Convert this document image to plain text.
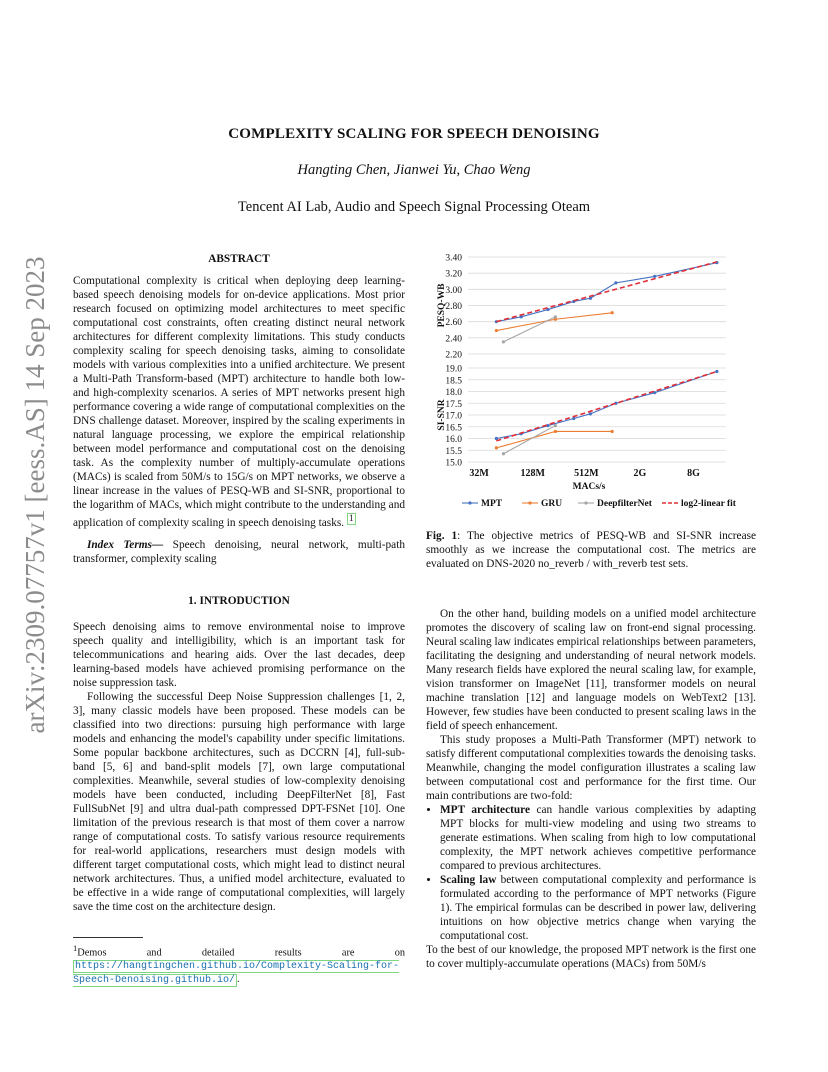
arXiv:2309.07757v1 [eess.AS] 14 Sep 2023
COMPLEXITY SCALING FOR SPEECH DENOISING
Hangting Chen, Jianwei Yu, Chao Weng
Tencent AI Lab, Audio and Speech Signal Processing Oteam
ABSTRACT

Computational complexity is critical when deploying deep learning-based speech denoising models for on-device applications. Most prior research focused on optimizing model architectures to meet specific computational cost constraints, often creating distinct neural network architectures for different complexity limitations. This study conducts complexity scaling for speech denoising tasks, aiming to consolidate models with various complexities into a unified architecture. We present a Multi-Path Transform-based (MPT) architecture to handle both low- and high-complexity scenarios. A series of MPT networks present high performance covering a wide range of computational complexities on the DNS challenge dataset. Moreover, inspired by the scaling experiments in natural language processing, we explore the empirical relationship between model performance and computational cost on the denoising task. As the complexity number of multiply-accumulate operations (MACs) is scaled from 50M/s to 15G/s on MPT networks, we observe a linear increase in the values of PESQ-WB and SI-SNR, proportional to the logarithm of MACs, which might contribute to the understanding and application of complexity scaling in speech denoising tasks. $^1$

Index Terms— Speech denoising, neural network, multi-path transformer, complexity scaling

1. INTRODUCTION

Speech denoising aims to remove environmental noise to improve speech quality and intelligibility, which is an important task for telecommunications and hearing aids. Over the last decades, deep learning-based models have achieved promising performance on the noise suppression task.

Following the successful Deep Noise Suppression challenges [1, 2, 3], many classic models have been proposed. These models can be classified into two directions: pursuing high performance with large models and enhancing the model's capability under specific limitations. Some popular backbone architectures, such as DCCRN [4], full-sub-band [5, 6] and band-split models [7], own large computational complexities. Meanwhile, several studies of low-complexity denoising models have been conducted, including DeepFilterNet [8], Fast FullSubNet [9] and ultra dual-path compressed DPT-FSNet [10]. One limitation of the previous research is that most of them cover a narrow range of computational costs. To satisfy various resource requirements for real-world applications, researchers must design models with different target computational costs, which might lead to distinct neural network architectures. Thus, a unified model architecture, evaluated to be effective in a wide range of computational complexities, will largely save the time cost on the architecture design.

$^1$Demos and detailed results are on https://hangtingchen.github.io/Complexity-Scaling-for-Speech-Denoising.github.io/ .
2.20
2.40
2.60
2.80
3.00
3.20
3.40
PESQ-WB
15.0
15.5
16.0
16.5
17.0
17.5
18.0
18.5
19.0
SI-SNR
32M	128M	512M	2G	8G
MACs/s
MPT	GRU	DeepfilterNet	log2-linear fit
Fig. 1: The objective metrics of PESQ-WB and SI-SNR increase smoothly as we increase the computational cost. The metrics are evaluated on DNS-2020 no_reverb / with_reverb test sets.

On the other hand, building models on a unified model architecture promotes the discovery of scaling law on front-end signal processing. Neural scaling law indicates empirical relationships between parameters, facilitating the designing and understanding of neural network models. Many research fields have explored the neural scaling law, for example, vision transformer on ImageNet [11], transformer models on neural machine translation [12] and language models on WebText2 [13]. However, few studies have been conducted to present scaling laws in the field of speech enhancement.

This study proposes a Multi-Path Transformer (MPT) network to satisfy different computational complexities towards the denoising tasks. Meanwhile, changing the model configuration illustrates a scaling law between computational cost and performance for the first time. Our main contributions are two-fold:

• MPT architecture can handle various complexities by adapting MPT blocks for multi-view modeling and using two streams to generate estimations. When scaling from high to low computational complexity, the MPT network achieves competitive performance compared to previous architectures.
• Scaling law between computational complexity and performance is formulated according to the performance of MPT networks (Figure 1). The empirical formulas can be described in power law, delivering intuitions on how objective metrics change when varying the computational cost.

To the best of our knowledge, the proposed MPT network is the first one to cover multiply-accumulate operations (MACs) from 50M/s
